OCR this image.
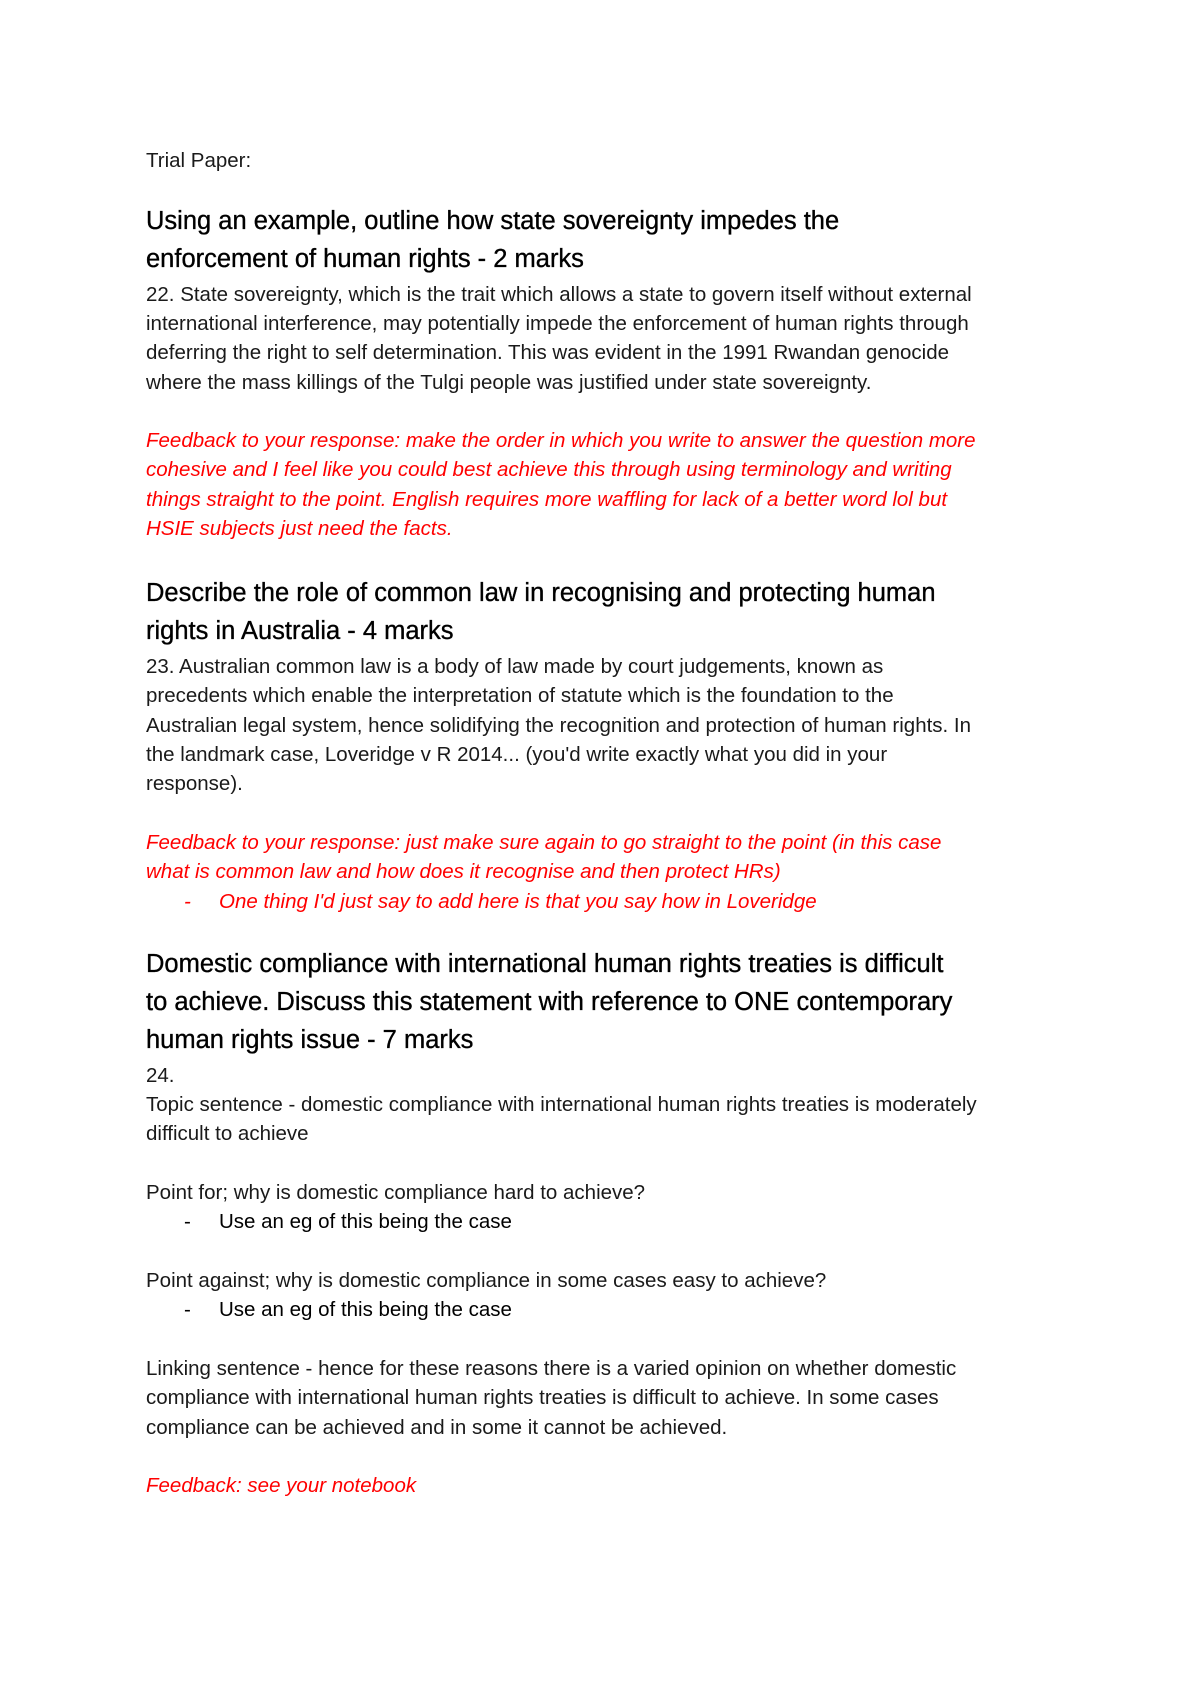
Trial Paper:
Using an example, outline how state sovereignty impedes the
enforcement of human rights - 2 marks
22. State sovereignty, which is the trait which allows a state to govern itself without external
international interference, may potentially impede the enforcement of human rights through
deferring the right to self determination. This was evident in the 1991 Rwandan genocide
where the mass killings of the Tulgi people was justified under state sovereignty.
Feedback to your response: make the order in which you write to answer the question more
cohesive and I feel like you could best achieve this through using terminology and writing
things straight to the point. English requires more waffling for lack of a better word lol but
HSIE subjects just need the facts.
Describe the role of common law in recognising and protecting human
rights in Australia - 4 marks
23. Australian common law is a body of law made by court judgements, known as
precedents which enable the interpretation of statute which is the foundation to the
Australian legal system, hence solidifying the recognition and protection of human rights. In
the landmark case, Loveridge v R 2014... (you'd write exactly what you did in your
response).
Feedback to your response: just make sure again to go straight to the point (in this case
what is common law and how does it recognise and then protect HRs)
- One thing I'd just say to add here is that you say how in Loveridge
Domestic compliance with international human rights treaties is difficult
to achieve. Discuss this statement with reference to ONE contemporary
human rights issue - 7 marks
24.
Topic sentence - domestic compliance with international human rights treaties is moderately
difficult to achieve
Point for; why is domestic compliance hard to achieve?
- Use an eg of this being the case
Point against; why is domestic compliance in some cases easy to achieve?
- Use an eg of this being the case
Linking sentence - hence for these reasons there is a varied opinion on whether domestic
compliance with international human rights treaties is difficult to achieve. In some cases
compliance can be achieved and in some it cannot be achieved.
Feedback: see your notebook
